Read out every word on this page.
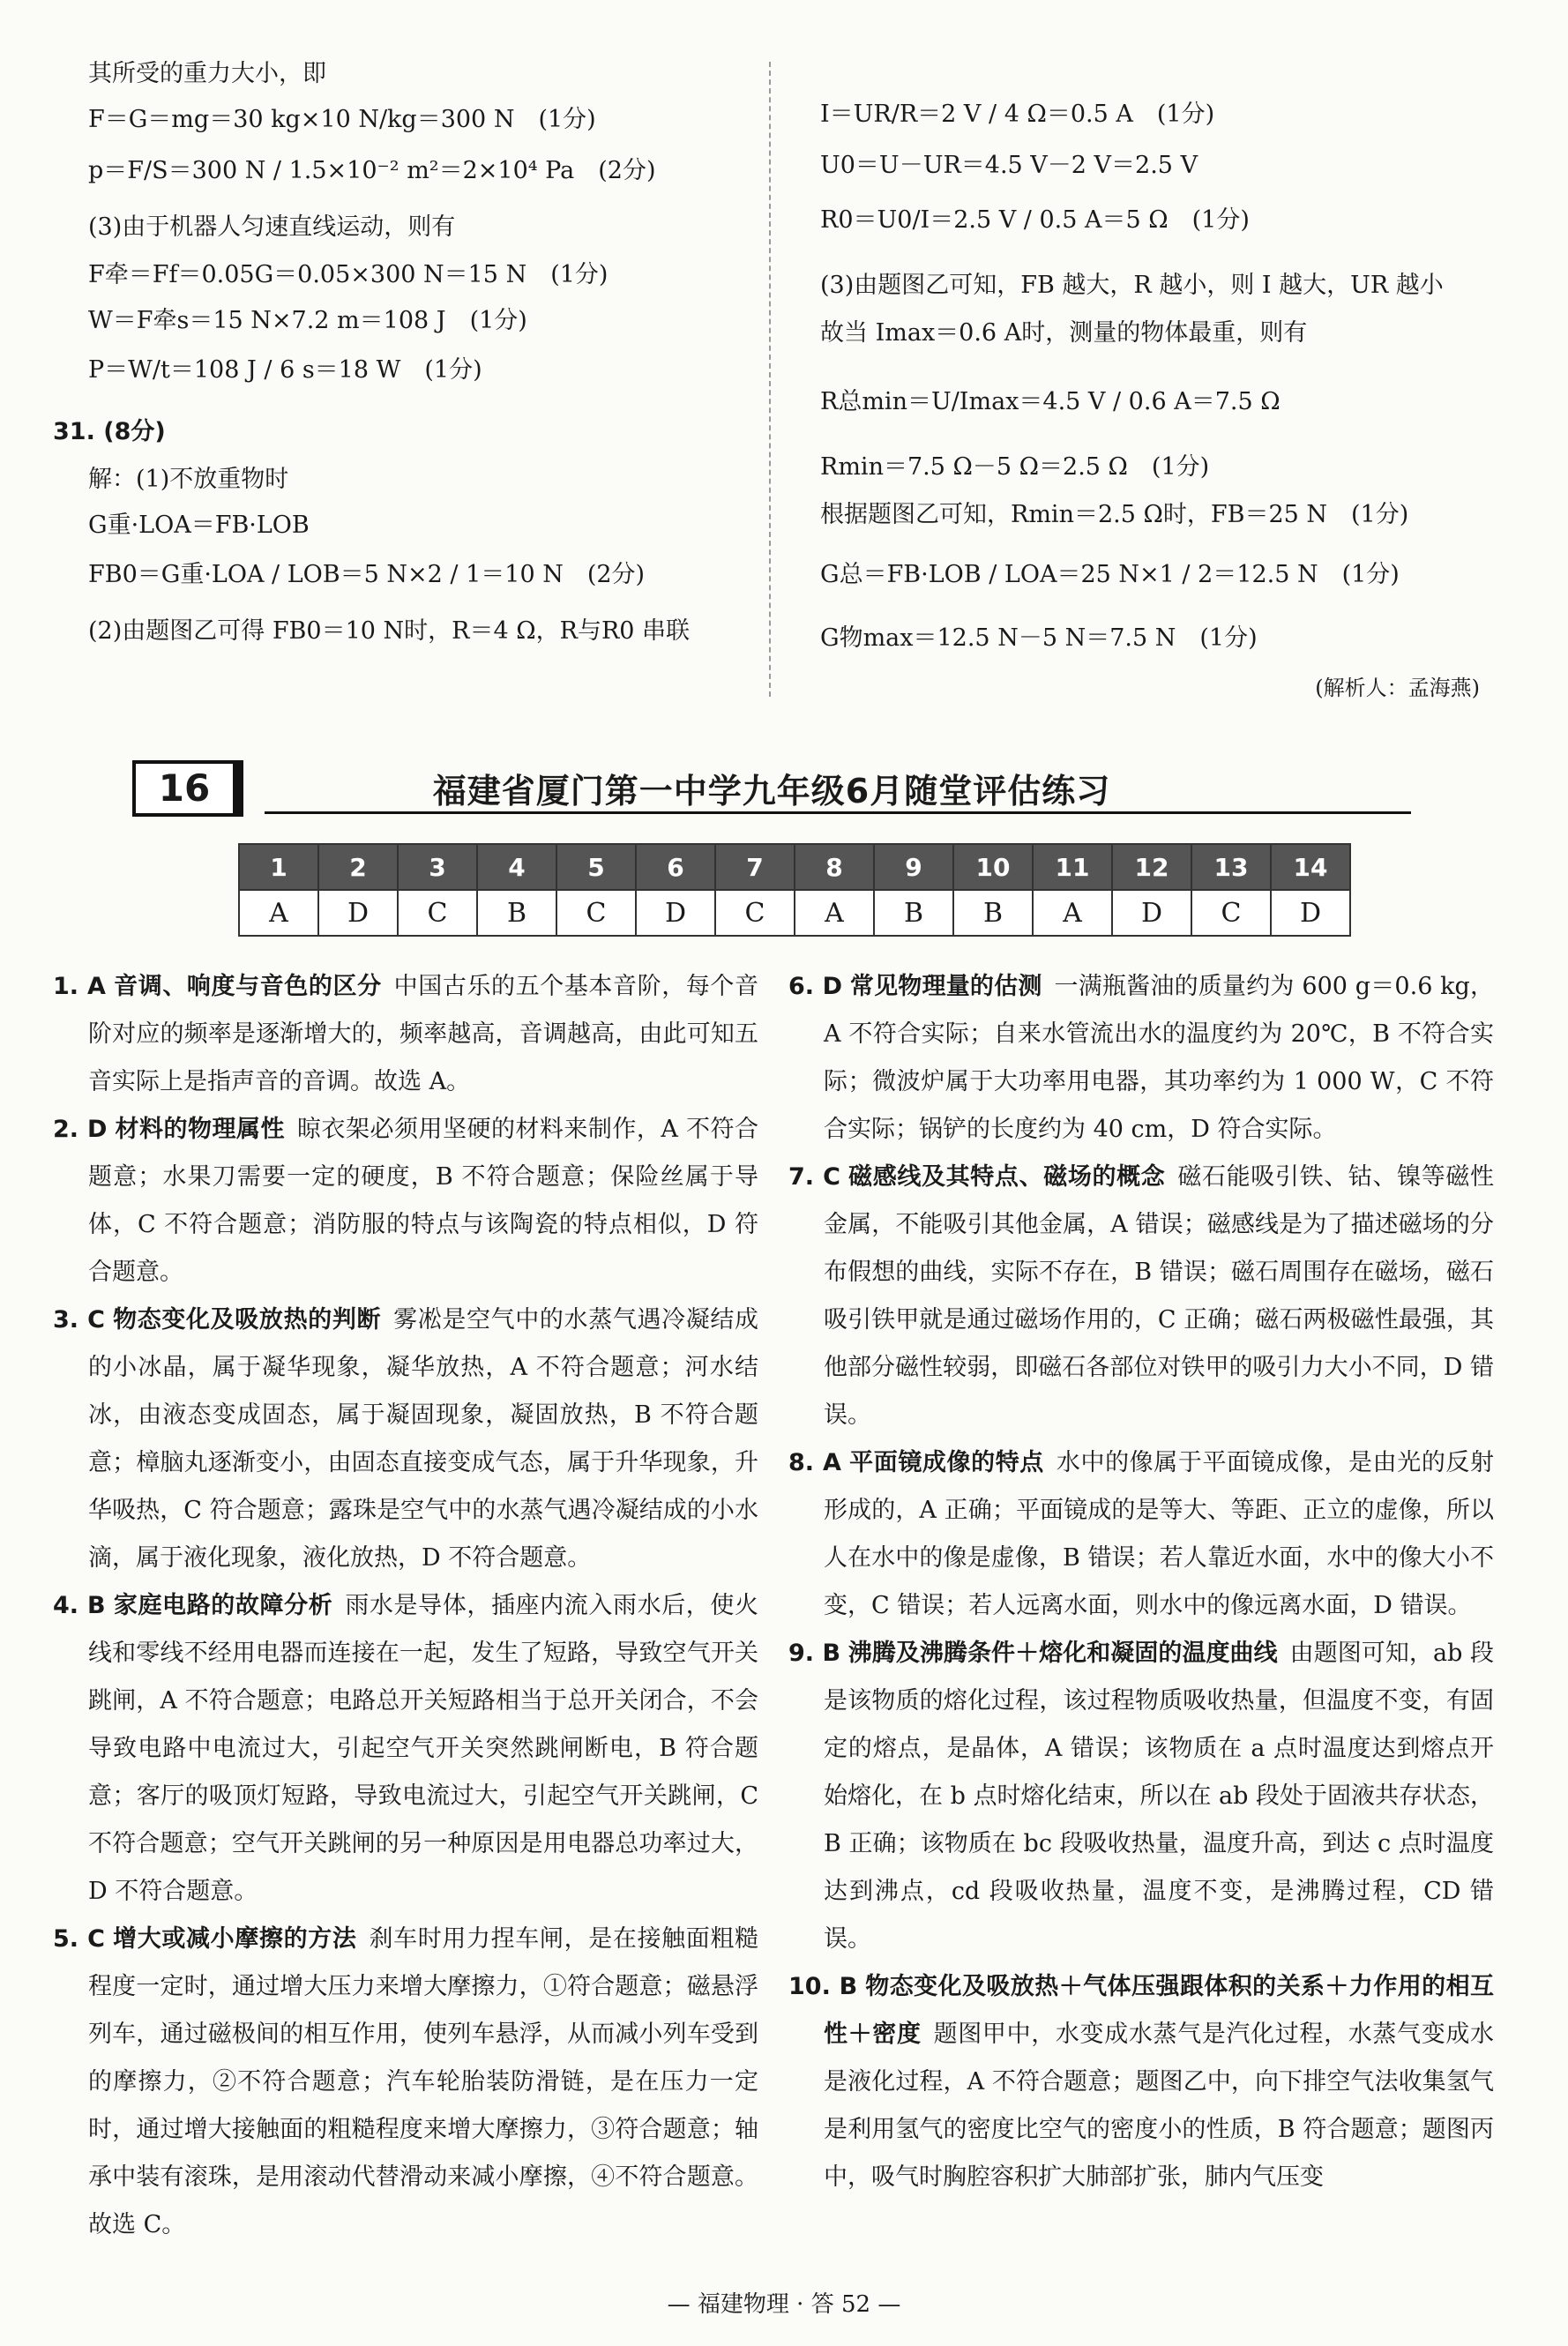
其所受的重力大小，即
F＝G＝mg＝30 kg×10 N/kg＝300 N　(1分)
p＝F/S＝300 N / 1.5×10⁻² m²＝2×10⁴ Pa　(2分)
(3)由于机器人匀速直线运动，则有
F牵＝Ff＝0.05G＝0.05×300 N＝15 N　(1分)
W＝F牵s＝15 N×7.2 m＝108 J　(1分)
P＝W/t＝108 J / 6 s＝18 W　(1分)
31. (8分)
解：(1)不放重物时
G重·LOA＝FB·LOB
FB0＝G重·LOA / LOB＝5 N×2 / 1＝10 N　(2分)
(2)由题图乙可得 FB0＝10 N时，R＝4 Ω，R与R0 串联
I＝UR/R＝2 V / 4 Ω＝0.5 A　(1分)
U0＝U－UR＝4.5 V－2 V＝2.5 V
R0＝U0/I＝2.5 V / 0.5 A＝5 Ω　(1分)
(3)由题图乙可知，FB 越大，R 越小，则 I 越大，UR 越小
故当 Imax＝0.6 A时，测量的物体最重，则有
R总min＝U/Imax＝4.5 V / 0.6 A＝7.5 Ω
Rmin＝7.5 Ω－5 Ω＝2.5 Ω　(1分)
根据题图乙可知，Rmin＝2.5 Ω时，FB＝25 N　(1分)
G总＝FB·LOB / LOA＝25 N×1 / 2＝12.5 N　(1分)
G物max＝12.5 N－5 N＝7.5 N　(1分)
(解析人：孟海燕)
16	福建省厦门第一中学九年级6月随堂评估练习
1	2	3	4	5	6	7	8	9	10	11	12	13	14
A	D	C	B	C	D	C	A	B	B	A	D	C	D
1. A 音调、响度与音色的区分 中国古乐的五个基本音阶，每个音阶对应的频率是逐渐增大的，频率越高，音调越高，由此可知五音实际上是指声音的音调。故选 A。
2. D 材料的物理属性 晾衣架必须用坚硬的材料来制作，A 不符合题意；水果刀需要一定的硬度，B 不符合题意；保险丝属于导体，C 不符合题意；消防服的特点与该陶瓷的特点相似，D 符合题意。
3. C 物态变化及吸放热的判断 雾凇是空气中的水蒸气遇冷凝结成的小冰晶，属于凝华现象，凝华放热，A 不符合题意；河水结冰，由液态变成固态，属于凝固现象，凝固放热，B 不符合题意；樟脑丸逐渐变小，由固态直接变成气态，属于升华现象，升华吸热，C 符合题意；露珠是空气中的水蒸气遇冷凝结成的小水滴，属于液化现象，液化放热，D 不符合题意。
4. B 家庭电路的故障分析 雨水是导体，插座内流入雨水后，使火线和零线不经用电器而连接在一起，发生了短路，导致空气开关跳闸，A 不符合题意；电路总开关短路相当于总开关闭合，不会导致电路中电流过大，引起空气开关突然跳闸断电，B 符合题意；客厅的吸顶灯短路，导致电流过大，引起空气开关跳闸，C 不符合题意；空气开关跳闸的另一种原因是用电器总功率过大，D 不符合题意。
5. C 增大或减小摩擦的方法 刹车时用力捏车闸，是在接触面粗糙程度一定时，通过增大压力来增大摩擦力，①符合题意；磁悬浮列车，通过磁极间的相互作用，使列车悬浮，从而减小列车受到的摩擦力，②不符合题意；汽车轮胎装防滑链，是在压力一定时，通过增大接触面的粗糙程度来增大摩擦力，③符合题意；轴承中装有滚珠，是用滚动代替滑动来减小摩擦，④不符合题意。故选 C。
6. D 常见物理量的估测 一满瓶酱油的质量约为 600 g＝0.6 kg，A 不符合实际；自来水管流出水的温度约为 20℃，B 不符合实际；微波炉属于大功率用电器，其功率约为 1 000 W，C 不符合实际；锅铲的长度约为 40 cm，D 符合实际。
7. C 磁感线及其特点、磁场的概念 磁石能吸引铁、钴、镍等磁性金属，不能吸引其他金属，A 错误；磁感线是为了描述磁场的分布假想的曲线，实际不存在，B 错误；磁石周围存在磁场，磁石吸引铁甲就是通过磁场作用的，C 正确；磁石两极磁性最强，其他部分磁性较弱，即磁石各部位对铁甲的吸引力大小不同，D 错误。
8. A 平面镜成像的特点 水中的像属于平面镜成像，是由光的反射形成的，A 正确；平面镜成的是等大、等距、正立的虚像，所以人在水中的像是虚像，B 错误；若人靠近水面，水中的像大小不变，C 错误；若人远离水面，则水中的像远离水面，D 错误。
9. B 沸腾及沸腾条件＋熔化和凝固的温度曲线 由题图可知，ab 段是该物质的熔化过程，该过程物质吸收热量，但温度不变，有固定的熔点，是晶体，A 错误；该物质在 a 点时温度达到熔点开始熔化，在 b 点时熔化结束，所以在 ab 段处于固液共存状态，B 正确；该物质在 bc 段吸收热量，温度升高，到达 c 点时温度达到沸点，cd 段吸收热量，温度不变，是沸腾过程，CD 错误。
10. B 物态变化及吸放热＋气体压强跟体积的关系＋力作用的相互性＋密度 题图甲中，水变成水蒸气是汽化过程，水蒸气变成水是液化过程，A 不符合题意；题图乙中，向下排空气法收集氢气是利用氢气的密度比空气的密度小的性质，B 符合题意；题图丙中，吸气时胸腔容积扩大肺部扩张，肺内气压变
— 福建物理 · 答 52 —
